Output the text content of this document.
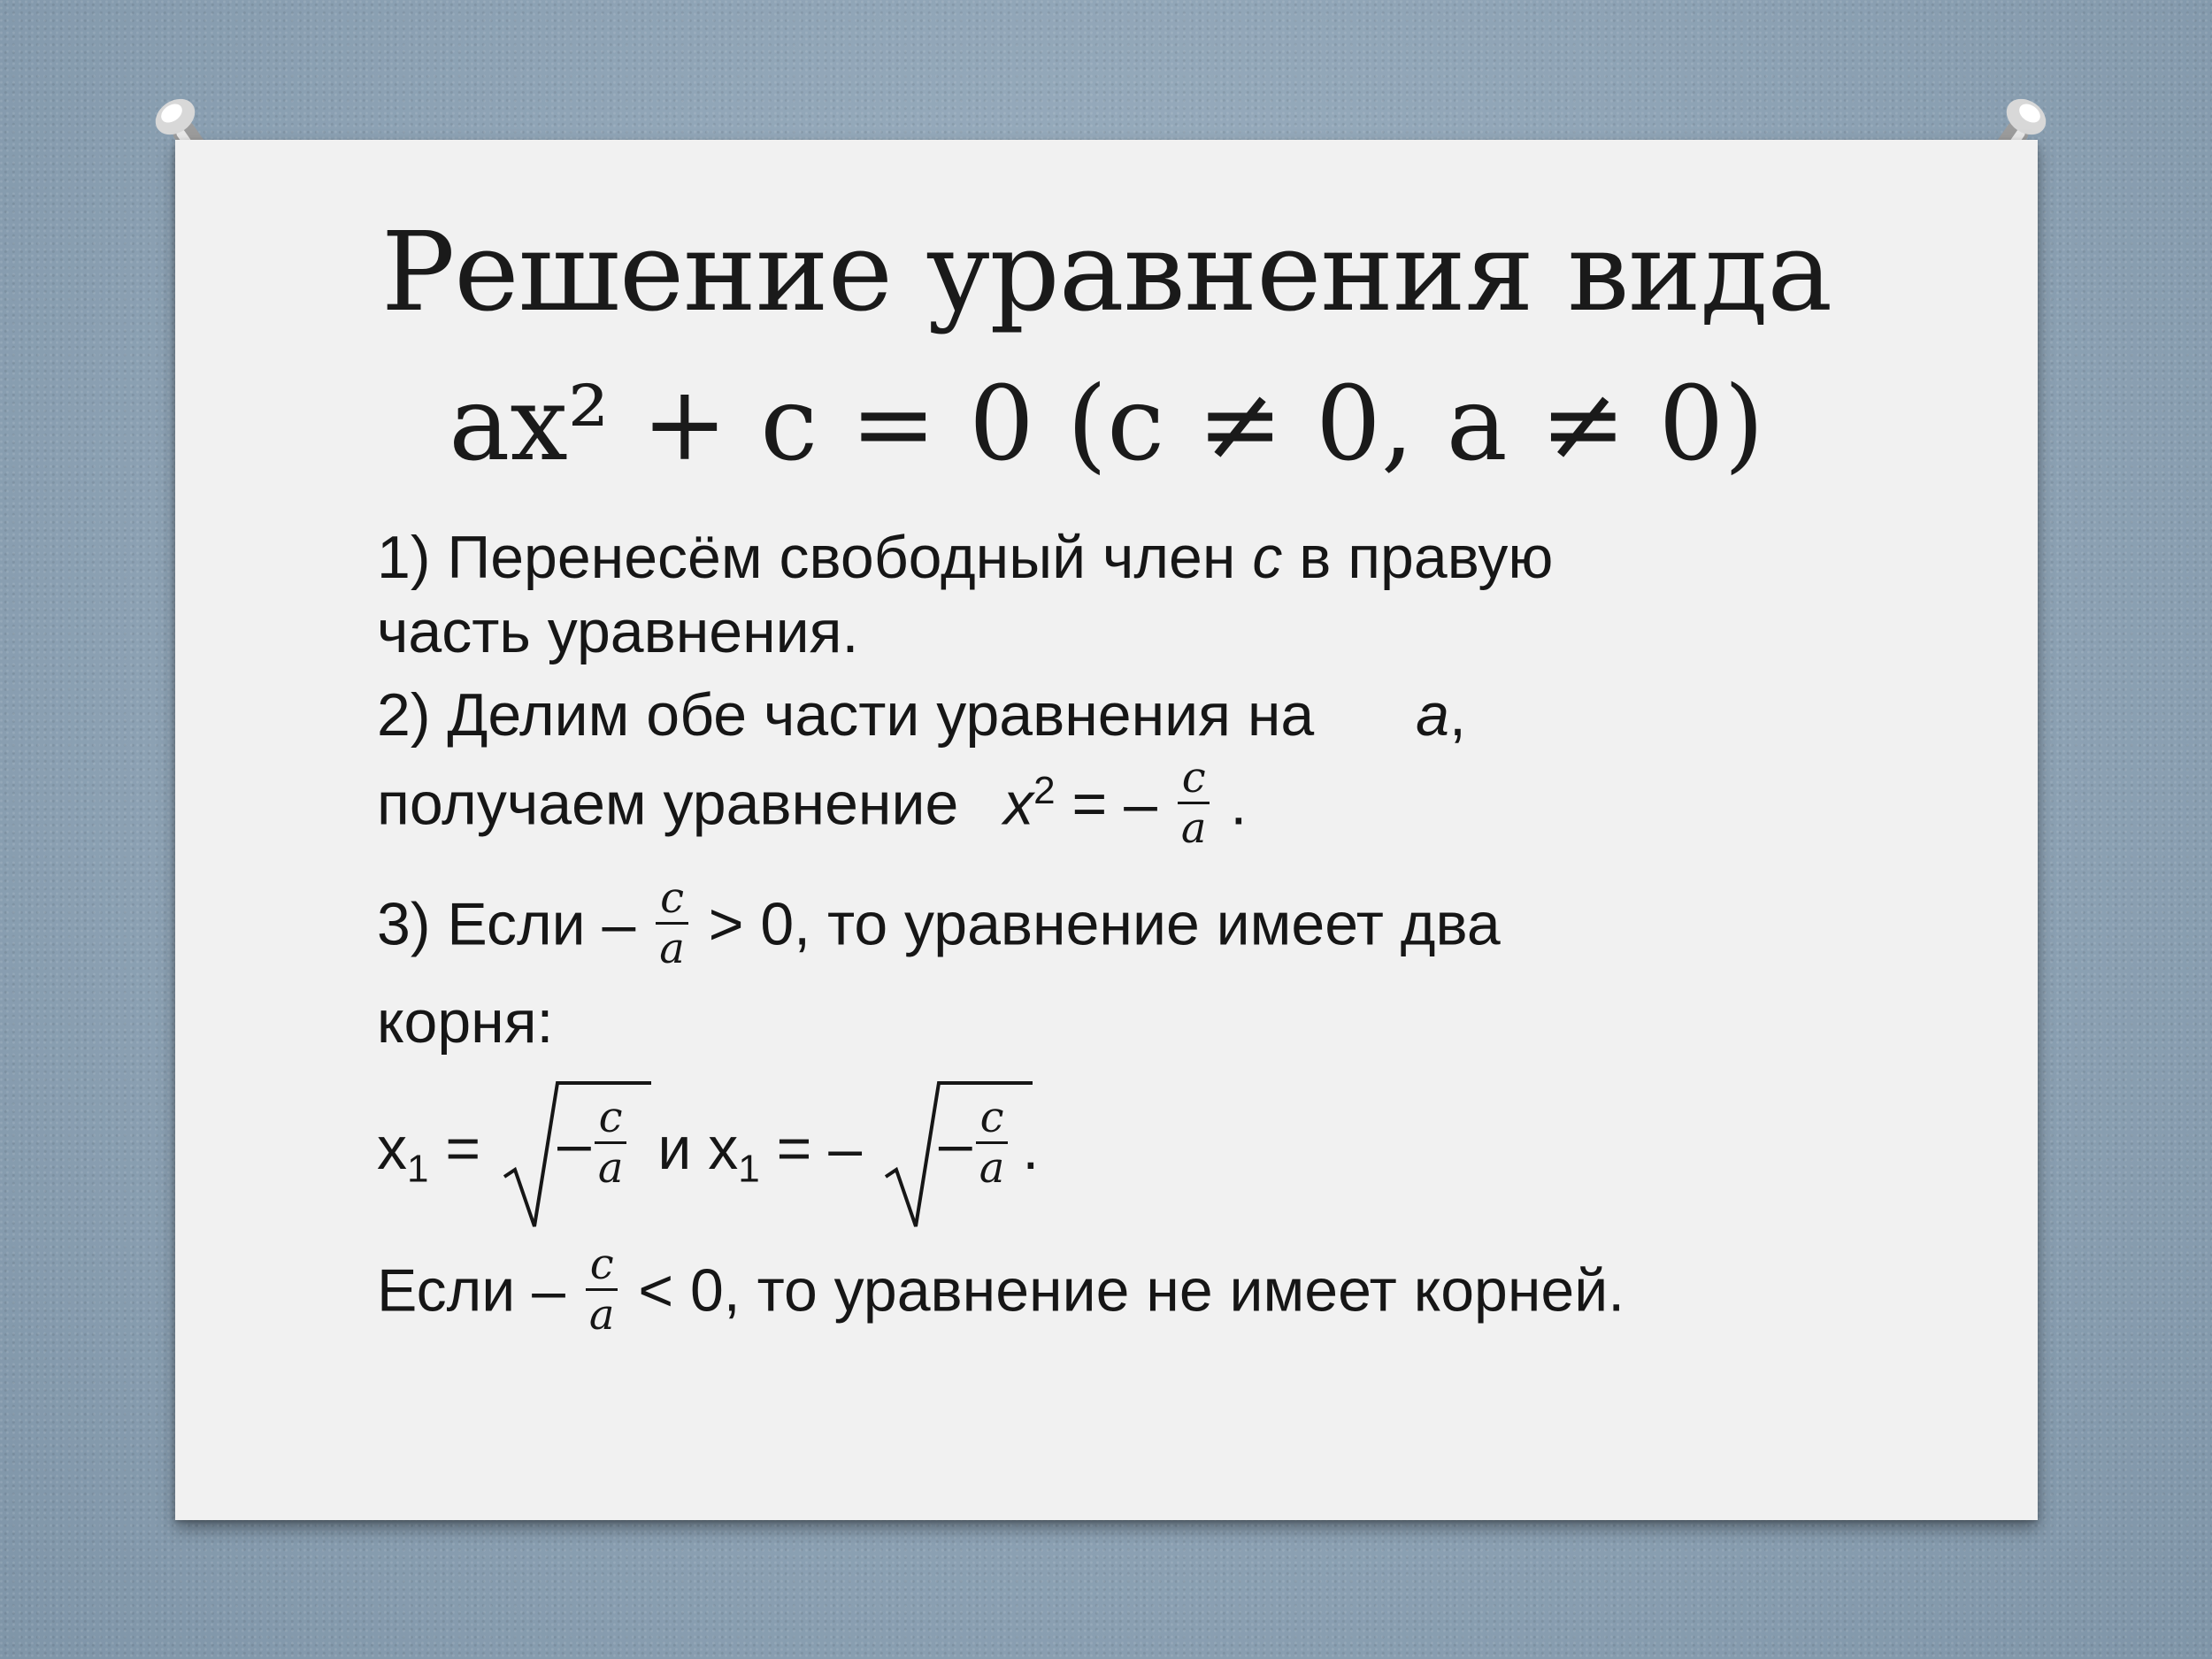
Решение уравнения вида
ax² + c = 0 (c ≠ 0, a ≠ 0)

1) Перенесём свободный член c в правую
часть уравнения.

2) Делим обе части уравнения на a,
получаем уравнение $x^2$ = – $\frac{c}{a}$ .

3) Если – $\frac{c}{a} > 0$, то уравнение имеет два
корня:

$x_1$ =
– $\frac{c}{a}$ и $x_1$ = –
– $\frac{c}{a}$ .

Если – $\frac{c}{a} < 0$, то уравнение не имеет корней.
